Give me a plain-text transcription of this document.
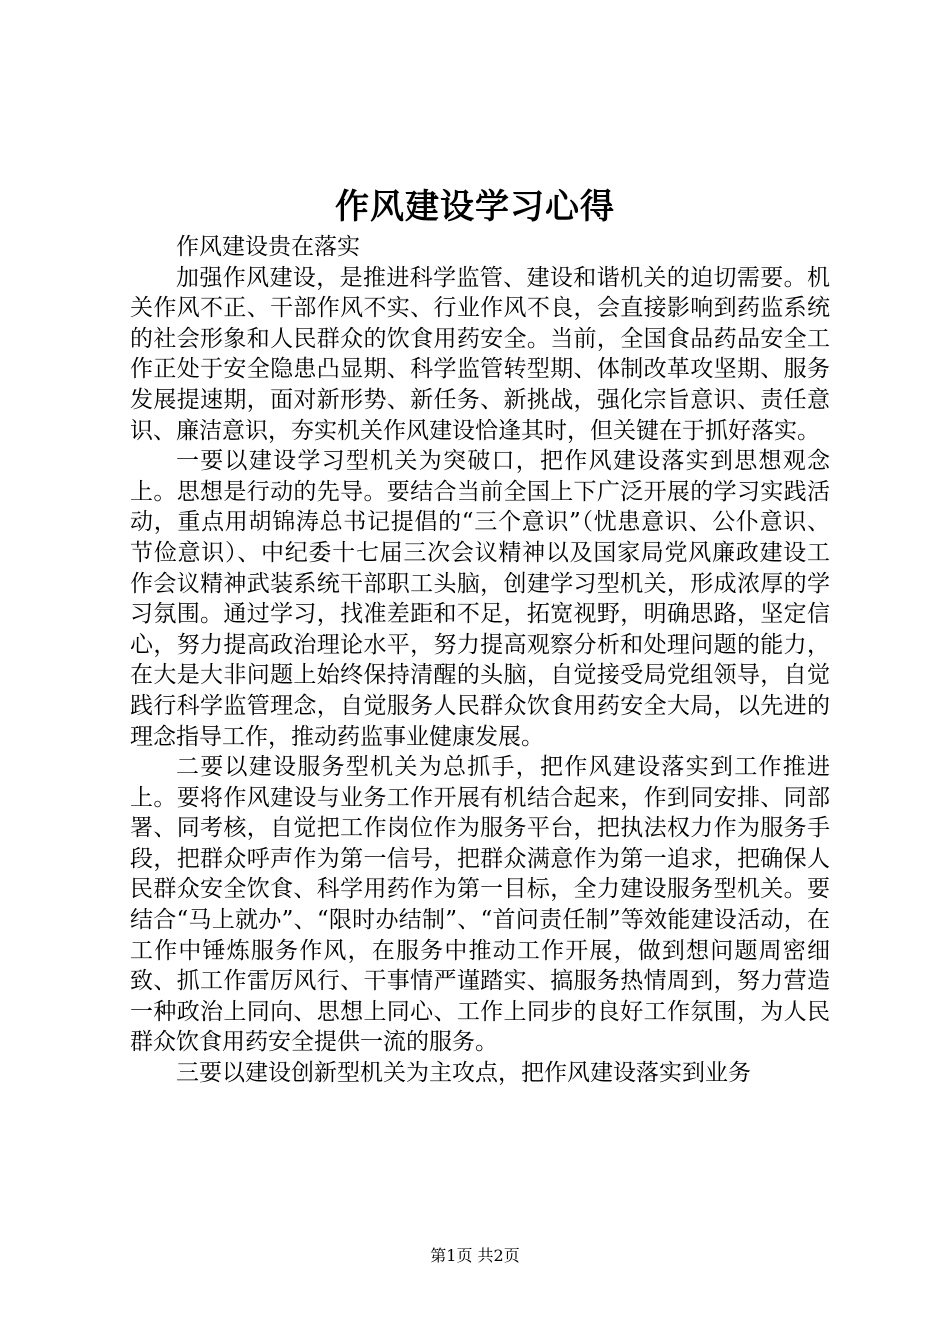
作风建设学习心得

作风建设贵在落实

加强作风建设，是推进科学监管、建设和谐机关的迫切需要。机关作风不正、干部作风不实、行业作风不良，会直接影响到药监系统的社会形象和人民群众的饮食用药安全。当前，全国食品药品安全工作正处于安全隐患凸显期、科学监管转型期、体制改革攻坚期、服务发展提速期，面对新形势、新任务、新挑战，强化宗旨意识、责任意识、廉洁意识，夯实机关作风建设恰逢其时，但关键在于抓好落实。

一要以建设学习型机关为突破口，把作风建设落实到思想观念上。思想是行动的先导。要结合当前全国上下广泛开展的学习实践活动，重点用胡锦涛总书记提倡的“三个意识”（忧患意识、公仆意识、节俭意识）、中纪委十七届三次会议精神以及国家局党风廉政建设工作会议精神武装系统干部职工头脑，创建学习型机关，形成浓厚的学习氛围。通过学习，找准差距和不足，拓宽视野，明确思路，坚定信心，努力提高政治理论水平，努力提高观察分析和处理问题的能力，在大是大非问题上始终保持清醒的头脑，自觉接受局党组领导，自觉践行科学监管理念，自觉服务人民群众饮食用药安全大局，以先进的理念指导工作，推动药监事业健康发展。

二要以建设服务型机关为总抓手，把作风建设落实到工作推进上。要将作风建设与业务工作开展有机结合起来，作到同安排、同部署、同考核，自觉把工作岗位作为服务平台，把执法权力作为服务手段，把群众呼声作为第一信号，把群众满意作为第一追求，把确保人民群众安全饮食、科学用药作为第一目标，全力建设服务型机关。要结合“马上就办”、“限时办结制”、“首问责任制”等效能建设活动，在工作中锤炼服务作风，在服务中推动工作开展，做到想问题周密细致、抓工作雷厉风行、干事情严谨踏实、搞服务热情周到，努力营造一种政治上同向、思想上同心、工作上同步的良好工作氛围，为人民群众饮食用药安全提供一流的服务。

三要以建设创新型机关为主攻点，把作风建设落实到业务

第1页 共2页
